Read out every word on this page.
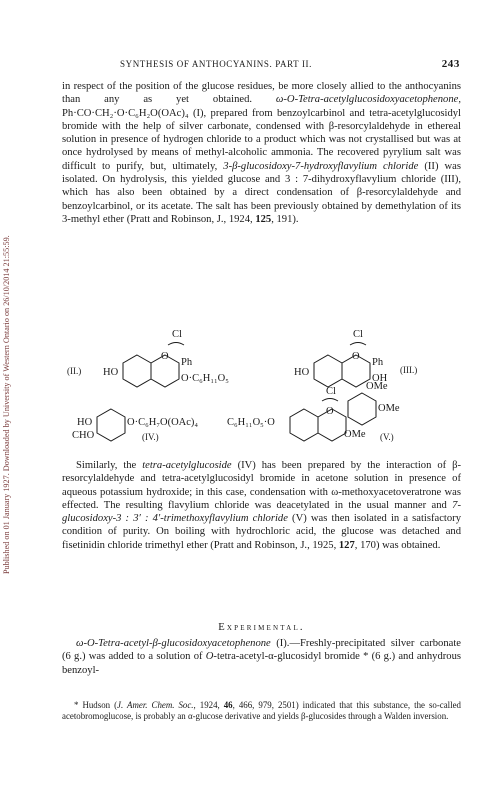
Published on 01 January 1927. Downloaded by University of Western Ontario on 26/10/2014 21:55:59.
SYNTHESIS OF ANTHOCYANINS. PART II.	243

in respect of the position of the glucose residues, be more closely allied to the anthocyanins than any as yet obtained. ω-O-Tetra-acetylglucosidoxyacetophenone, Ph·CO·CH₂·O·C₆H₂O(OAc)₄ (I), prepared from benzoylcarbinol and tetra-acetylglucosidyl bromide with the help of silver carbonate, condensed with β-resorcylaldehyde in ethereal solution in presence of hydrogen chloride to a product which was not crystallised but was at once hydrolysed by means of methyl-alcoholic ammonia. The recovered pyrylium salt was difficult to purify, but, ultimately, 3-β-glucosidoxy-7-hydroxyflavylium chloride (II) was isolated. On hydrolysis, this yielded glucose and 3 : 7-dihydroxyflavylium chloride (III), which has also been obtained by a direct condensation of β-resorcylaldehyde and benzoylcarbinol, or its acetate. The salt has been previously obtained by demethylation of its 3-methyl ether (Pratt and Robinson, J., 1924, 125, 191).

Cl
O
HO
Ph
O·C₆H₁₁O₅
(II.)
Cl
O
HO
Ph
OH
(III.)
HO
CHO
O·C₆H₇O(OAc)₄
(IV.)
Cl
O
C₆H₁₁O₅·O
OMe
OMe
OMe (V.)

Similarly, the tetra-acetylglucoside (IV) has been prepared by the interaction of β-resorcylaldehyde and tetra-acetylglucosidyl bromide in acetone solution in presence of aqueous potassium hydroxide; in this case, condensation with ω-methoxyacetoveratrone was effected. The resulting flavylium chloride was deacetylated in the usual manner and 7-glucosidoxy-3 : 3′ : 4′-trimethoxyflavylium chloride (V) was then isolated in a satisfactory condition of purity. On boiling with hydrochloric acid, the glucose was detached and fisetinidin chloride trimethyl ether (Pratt and Robinson, J., 1925, 127, 170) was obtained.

Experimental.

ω-O-Tetra-acetyl-β-glucosidoxyacetophenone (I).—Freshly-precipitated silver carbonate (6 g.) was added to a solution of O-tetra-acetyl-α-glucosidyl bromide * (6 g.) and anhydrous benzoyl-

* Hudson (J. Amer. Chem. Soc., 1924, 46, 466, 979, 2501) indicated that this substance, the so-called acetobromoglucose, is probably an α-glucose derivative and yields β-glucosides through a Walden inversion.
